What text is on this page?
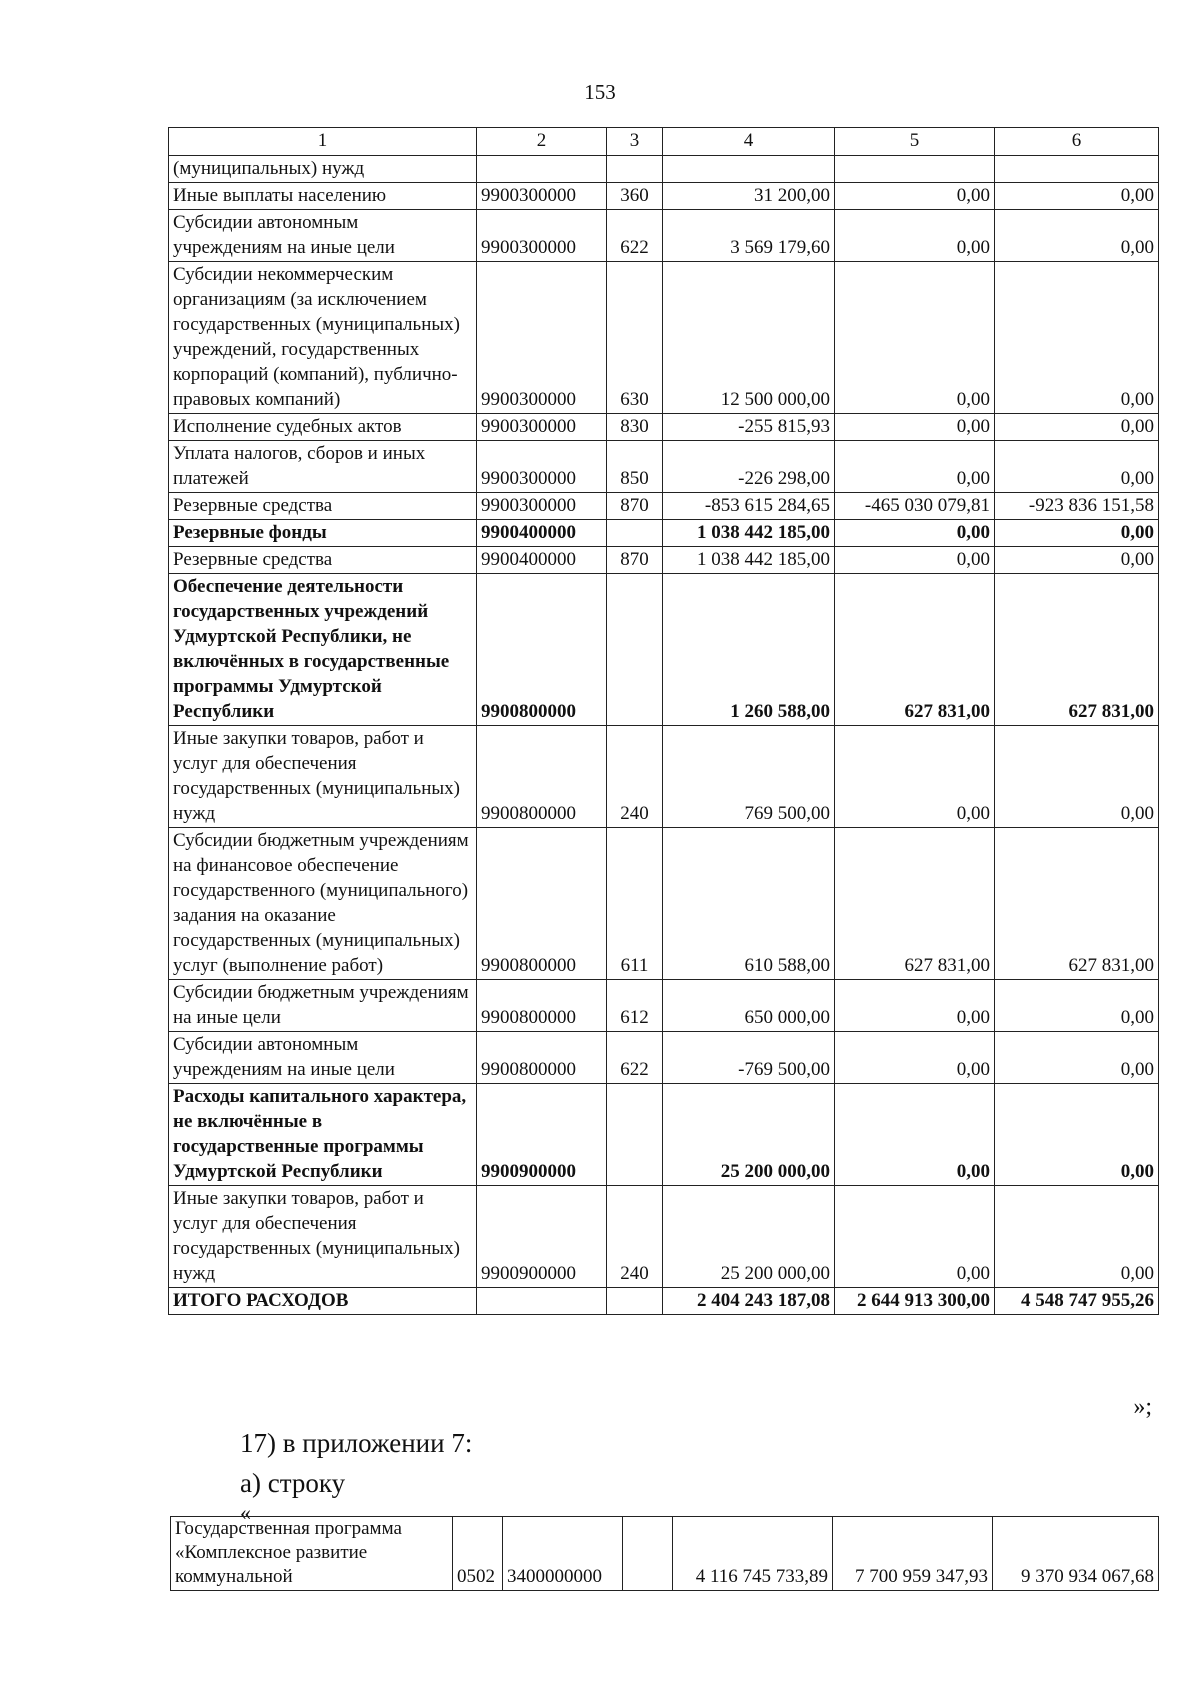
153
1	2	3	4	5	6
(муниципальных) нужд					
Иные выплаты населению	9900300000	360	31 200,00	0,00	0,00
Субсидии автономным учреждениям на иные цели	9900300000	622	3 569 179,60	0,00	0,00
Субсидии некоммерческим организациям (за исключением государственных (муниципальных) учреждений, государственных корпораций (компаний), публично-правовых компаний)	9900300000	630	12 500 000,00	0,00	0,00
Исполнение судебных актов	9900300000	830	-255 815,93	0,00	0,00
Уплата налогов, сборов и иных платежей	9900300000	850	-226 298,00	0,00	0,00
Резервные средства	9900300000	870	-853 615 284,65	-465 030 079,81	-923 836 151,58
Резервные фонды	9900400000		1 038 442 185,00	0,00	0,00
Резервные средства	9900400000	870	1 038 442 185,00	0,00	0,00
Обеспечение деятельности государственных учреждений Удмуртской Республики, не включённых в государственные программы Удмуртской Республики	9900800000		1 260 588,00	627 831,00	627 831,00
Иные закупки товаров, работ и услуг для обеспечения государственных (муниципальных) нужд	9900800000	240	769 500,00	0,00	0,00
Субсидии бюджетным учреждениям на финансовое обеспечение государственного (муниципального) задания на оказание государственных (муниципальных) услуг (выполнение работ)	9900800000	611	610 588,00	627 831,00	627 831,00
Субсидии бюджетным учреждениям на иные цели	9900800000	612	650 000,00	0,00	0,00
Субсидии автономным учреждениям на иные цели	9900800000	622	-769 500,00	0,00	0,00
Расходы капитального характера, не включённые в государственные программы Удмуртской Республики	9900900000		25 200 000,00	0,00	0,00
Иные закупки товаров, работ и услуг для обеспечения государственных (муниципальных) нужд	9900900000	240	25 200 000,00	0,00	0,00
ИТОГО РАСХОДОВ			2 404 243 187,08	2 644 913 300,00	4 548 747 955,26
»;
17) в приложении 7:
а) строку
«
Государственная программа «Комплексное развитие коммунальной	0502	3400000000		4 116 745 733,89	7 700 959 347,93	9 370 934 067,68
